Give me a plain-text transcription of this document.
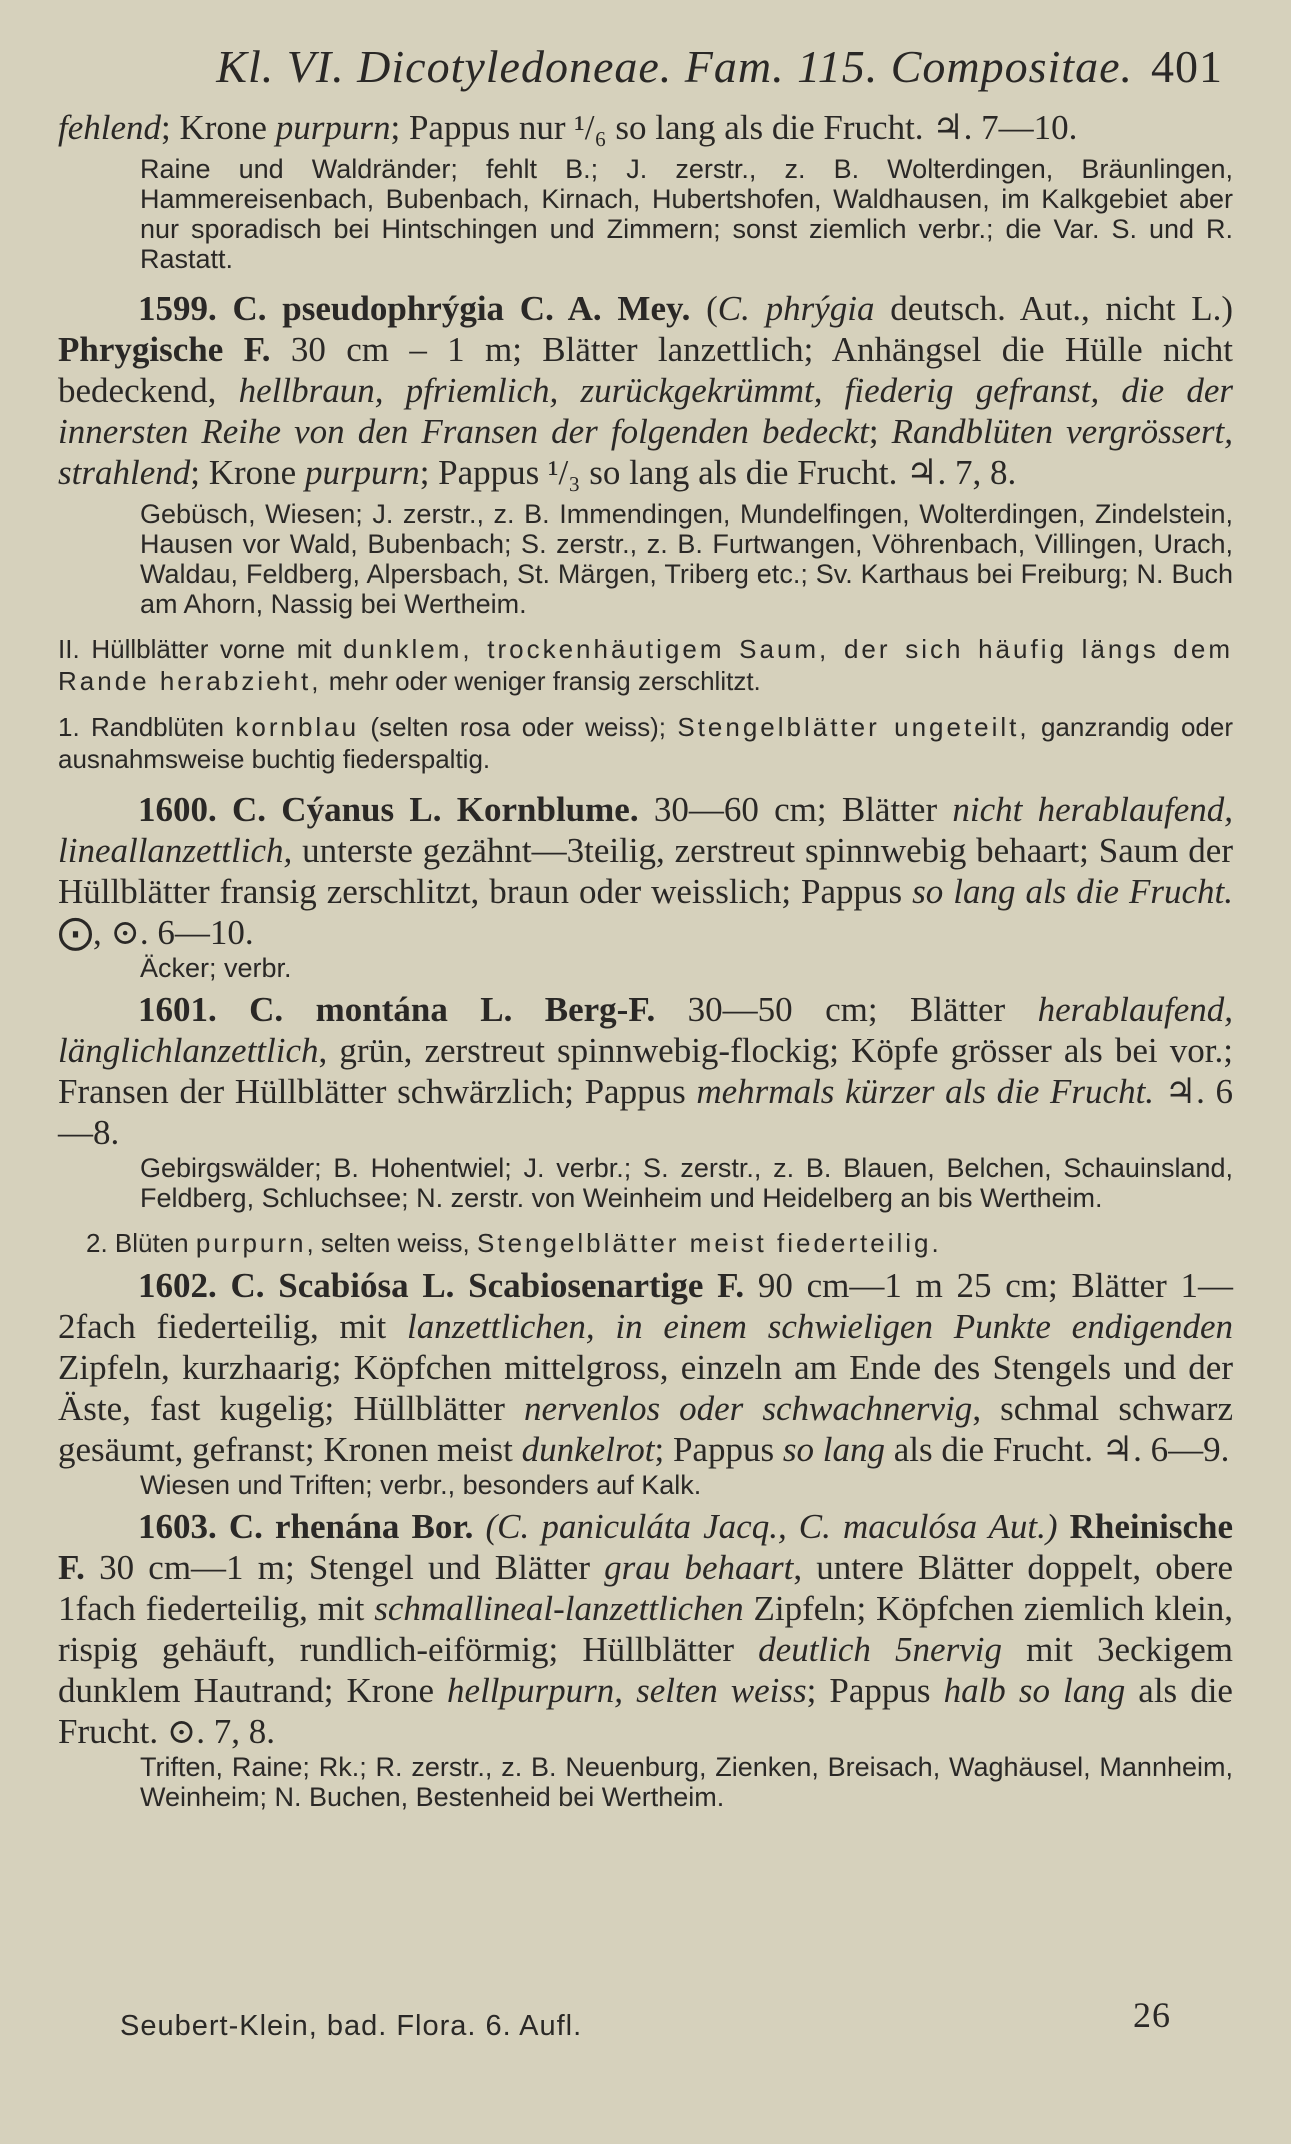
Kl. VI. Dicotyledoneae. Fam. 115. Compositae. 401
fehlend; Krone purpurn; Pappus nur ¹/₆ so lang als die Frucht. ♃. 7—10.
Raine und Waldränder; fehlt B.; J. zerstr., z. B. Wolterdingen, Bräunlingen, Hammereisenbach, Bubenbach, Kirnach, Hubertshofen, Waldhausen, im Kalkgebiet aber nur sporadisch bei Hintschingen und Zimmern; sonst ziemlich verbr.; die Var. S. und R. Rastatt.
1599. C. pseudophrýgia C. A. Mey. (C. phrýgia deutsch. Aut., nicht L.) Phrygische F. 30 cm – 1 m; Blätter lanzettlich; Anhängsel die Hülle nicht bedeckend, hellbraun, pfriemlich, zurückgekrümmt, fiederig gefranst, die der innersten Reihe von den Fransen der folgenden bedeckt; Randblüten vergrössert, strahlend; Krone purpurn; Pappus ¹/₃ so lang als die Frucht. ♃. 7, 8.
Gebüsch, Wiesen; J. zerstr., z. B. Immendingen, Mundelfingen, Wolterdingen, Zindelstein, Hausen vor Wald, Bubenbach; S. zerstr., z. B. Furtwangen, Vöhrenbach, Villingen, Urach, Waldau, Feldberg, Alpersbach, St. Märgen, Triberg etc.; Sv. Karthaus bei Freiburg; N. Buch am Ahorn, Nassig bei Wertheim.
II. Hüllblätter vorne mit dunklem, trockenhäutigem Saum, der sich häufig längs dem Rande herabzieht, mehr oder weniger fransig zerschlitzt.
1. Randblüten kornblau (selten rosa oder weiss); Stengelblätter ungeteilt, ganzrandig oder ausnahmsweise buchtig fiederspaltig.
1600. C. Cýanus L. Kornblume. 30—60 cm; Blätter nicht herablaufend, lineallanzettlich, unterste gezähnt—3teilig, zerstreut spinnwebig behaart; Saum der Hüllblätter fransig zerschlitzt, braun oder weisslich; Pappus so lang als die Frucht. ⨀, ⊙. 6—10.
Äcker; verbr.
1601. C. montána L. Berg-F. 30—50 cm; Blätter herablaufend, länglichlanzettlich, grün, zerstreut spinnwebig-flockig; Köpfe grösser als bei vor.; Fransen der Hüllblätter schwärzlich; Pappus mehrmals kürzer als die Frucht. ♃. 6—8.
Gebirgswälder; B. Hohentwiel; J. verbr.; S. zerstr., z. B. Blauen, Belchen, Schauinsland, Feldberg, Schluchsee; N. zerstr. von Weinheim und Heidelberg an bis Wertheim.
2. Blüten purpurn, selten weiss, Stengelblätter meist fiederteilig.
1602. C. Scabiósa L. Scabiosenartige F. 90 cm—1 m 25 cm; Blätter 1—2fach fiederteilig, mit lanzettlichen, in einem schwieligen Punkte endigenden Zipfeln, kurzhaarig; Köpfchen mittelgross, einzeln am Ende des Stengels und der Äste, fast kugelig; Hüllblätter nervenlos oder schwachnervig, schmal schwarz gesäumt, gefranst; Kronen meist dunkelrot; Pappus so lang als die Frucht. ♃. 6—9.
Wiesen und Triften; verbr., besonders auf Kalk.
1603. C. rhenána Bor. (C. paniculáta Jacq., C. maculósa Aut.) Rheinische F. 30 cm—1 m; Stengel und Blätter grau behaart, untere Blätter doppelt, obere 1fach fiederteilig, mit schmallineal-lanzettlichen Zipfeln; Köpfchen ziemlich klein, rispig gehäuft, rundlich-eiförmig; Hüllblätter deutlich 5nervig mit 3eckigem dunklem Hautrand; Krone hellpurpurn, selten weiss; Pappus halb so lang als die Frucht. ⊙. 7, 8.
Triften, Raine; Rk.; R. zerstr., z. B. Neuenburg, Zienken, Breisach, Waghäusel, Mannheim, Weinheim; N. Buchen, Bestenheid bei Wertheim.
Seubert-Klein, bad. Flora. 6. Aufl.	26
